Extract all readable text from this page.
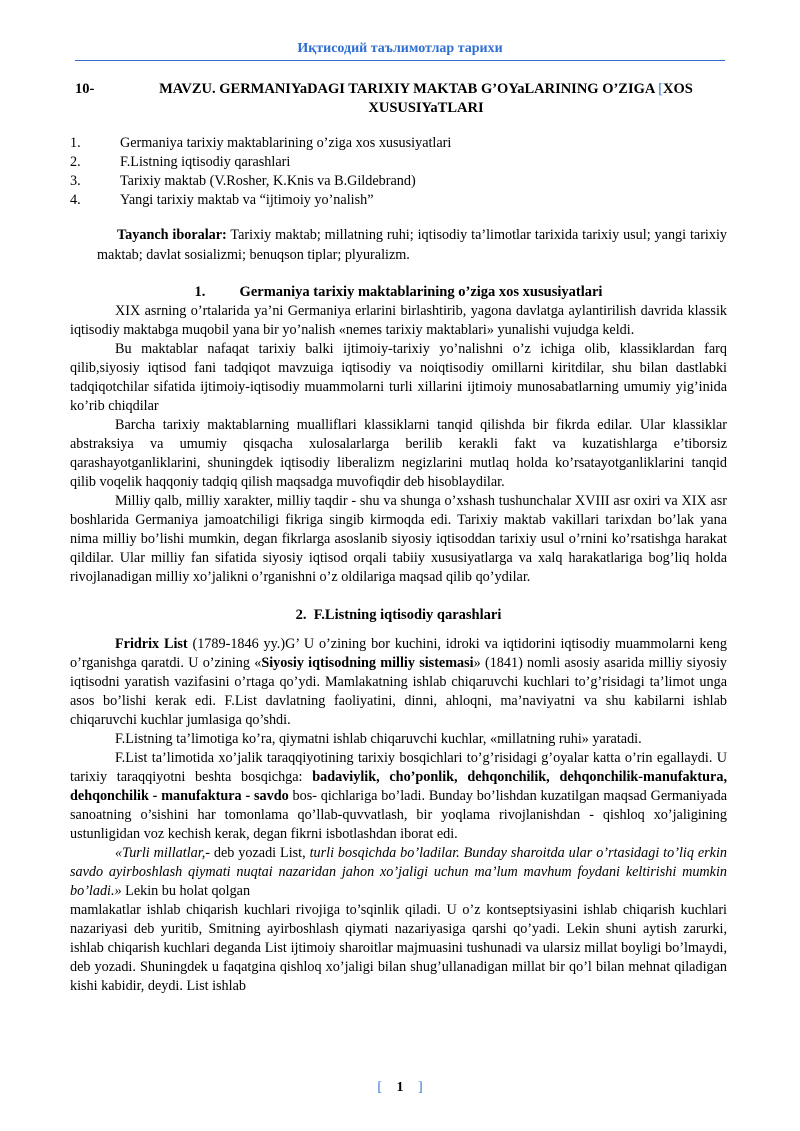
Иқтисодий таълимотлар тарихи
10-	MAVZU. GERMANIYaDAGI TARIXIY MAKTAB G’OYaLARINING O’ZIGA [XOS
XUSUSIYaTLARI
1.	Germaniya tarixiy maktablarining o’ziga xos xususiyatlari
2.	F.Listning iqtisodiy qarashlari
3.	Tarixiy maktab (V.Rosher, K.Knis va B.Gildebrand)
4.	Yangi tarixiy maktab va “ijtimoiy yo’nalish”

Tayanch iboralar: Tarixiy maktab; millatning ruhi; iqtisodiy ta’limotlar tarixida tarixiy usul; yangi tarixiy maktab; davlat sosializmi; benuqson tiplar; plyuralizm.

1. Germaniya tarixiy maktablarining o’ziga xos xususiyatlari

XIX asrning o’rtalarida ya’ni Germaniya erlarini birlashtirib, yagona davlatga aylantirilish davrida klassik iqtisodiy maktabga muqobil yana bir yo’nalish «nemes tarixiy maktablari» yunalishi vujudga keldi.

Bu maktablar nafaqat tarixiy balki ijtimoiy-tarixiy yo’nalishni o’z ichiga olib, klassiklardan farq qilib,siyosiy iqtisod fani tadqiqot mavzuiga iqtisodiy va noiqtisodiy omillarni kiritdilar, shu bilan dastlabki tadqiqotchilar sifatida ijtimoiy-iqtisodiy muammolarni turli xillarini ijtimoiy munosabatlarning umumiy yig’inida ko’rib chiqdilar

Barcha tarixiy maktablarning mualliflari klassiklarni tanqid qilishda bir fikrda edilar. Ular klassiklar abstraksiya va umumiy qisqacha xulosalarlarga berilib kerakli fakt va kuzatishlarga e’tiborsiz qarashayotganliklarini, shuningdek iqtisodiy liberalizm negizlarini mutlaq holda ko’rsatayotganliklarini tanqid qilib voqelik haqqoniy tadqiq qilish maqsadga muvofiqdir deb hisoblaydilar.

Milliy qalb, milliy xarakter, milliy taqdir - shu va shunga o’xshash tushunchalar XVIII asr oxiri va XIX asr boshlarida Germaniya jamoatchiligi fikriga singib kirmoqda edi. Tarixiy maktab vakillari tarixdan bo’lak yana nima milliy bo’lishi mumkin, degan fikrlarga asoslanib siyosiy iqtisoddan tarixiy usul o’rnini ko’rsatishga harakat qildilar. Ular milliy fan sifatida siyosiy iqtisod orqali tabiiy xususiyatlarga va xalq harakatlariga bog’liq holda rivojlanadigan milliy xo’jalikni o’rganishni o’z oldilariga maqsad qilib qo’ydilar.

2. F.Listning iqtisodiy qarashlari

Fridrix List (1789-1846 yy.)G’ U o’zining bor kuchini, idroki va iqtidorini iqtisodiy muammolarni keng o’rganishga qaratdi. U o’zining «Siyosiy iqtisodning milliy sistemasi» (1841) nomli asosiy asarida milliy siyosiy iqtisodni yaratish vazifasini o’rtaga qo’ydi. Mamlakatning ishlab chiqaruvchi kuchlari to’g’risidagi ta’limot unga asos bo’lishi kerak edi. F.List davlatning faoliyatini, dinni, ahloqni, ma’naviyatni va shu kabilarni ishlab chiqaruvchi kuchlar jumlasiga qo’shdi.

F.Listning ta’limotiga ko’ra, qiymatni ishlab chiqaruvchi kuchlar, «millatning ruhi» yaratadi.

F.List ta’limotida xo’jalik taraqqiyotining tarixiy bosqichlari to’g’risidagi g’oyalar katta o’rin egallaydi. U tarixiy taraqqiyotni beshta bosqichga: badaviylik, cho’ponlik, dehqonchilik, dehqonchilik-manufaktura, dehqonchilik - manufaktura - savdo bos- qichlariga bo’ladi. Bunday bo’lishdan kuzatilgan maqsad Germaniyada sanoatning o’sishini har tomonlama qo’llab-quvvatlash, bir yoqlama rivojlanishdan - qishloq xo’jaligining ustunligidan voz kechish kerak, degan fikrni isbotlashdan iborat edi.

«Turli millatlar,- deb yozadi List, turli bosqichda bo’ladilar. Bunday sharoitda ular o’rtasidagi to’liq erkin savdo ayirboshlash qiymati nuqtai nazaridan jahon xo’jaligi uchun ma’lum mavhum foydani keltirishi mumkin bo’ladi.» Lekin bu holat qolgan

mamlakatlar ishlab chiqarish kuchlari rivojiga to’sqinlik qiladi. U o’z kontseptsiyasini ishlab chiqarish kuchlari nazariyasi deb yuritib, Smitning ayirboshlash qiymati nazariyasiga qarshi qo’yadi. Lekin shuni aytish zarurki, ishlab chiqarish kuchlari deganda List ijtimoiy sharoitlar majmuasini tushunadi va ularsiz millat boyligi bo’lmaydi, deb yozadi. Shuningdek u faqatgina qishloq xo’jaligi bilan shug’ullanadigan millat bir qo’l bilan mehnat qiladigan kishi kabidir, deydi. List ishlab

[ 1 ]
